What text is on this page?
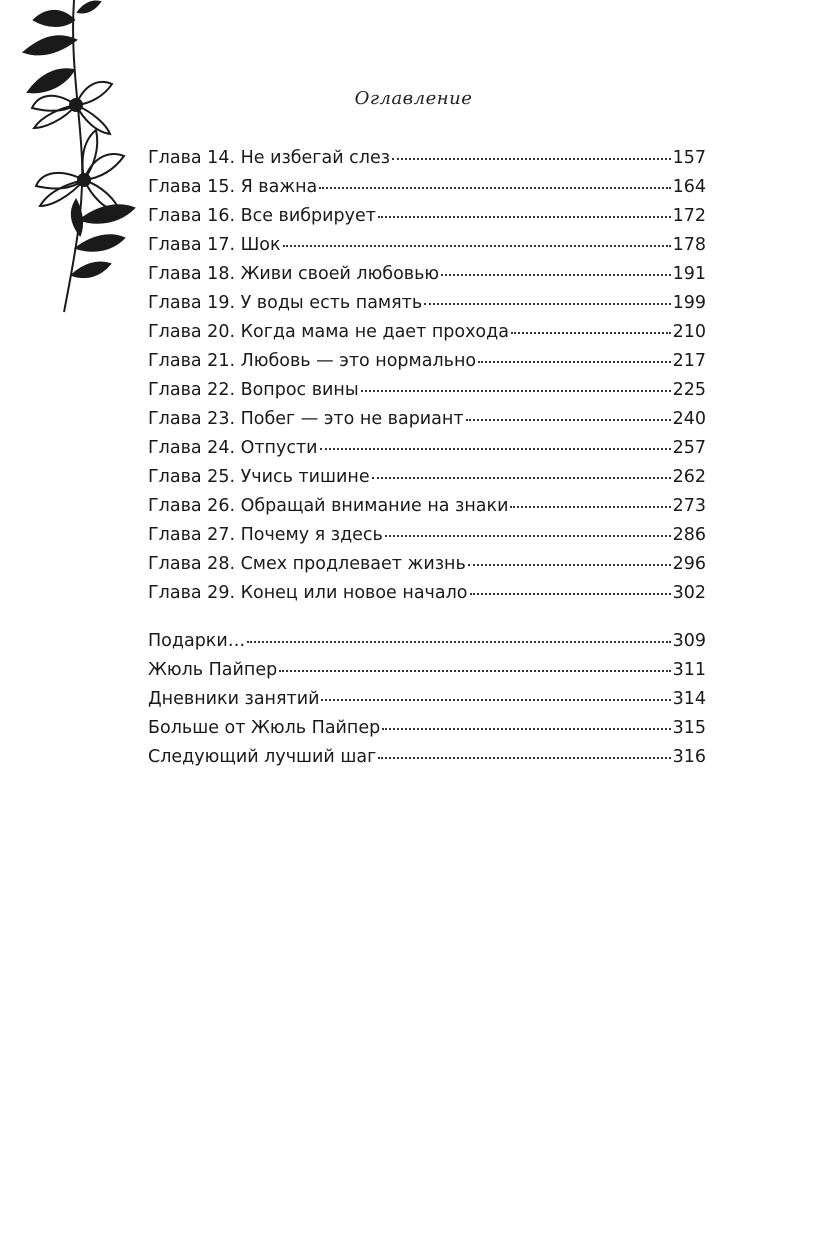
Оглавление
Глава 14. Не избегай слез	157
Глава 15. Я важна	164
Глава 16. Все вибрирует	172
Глава 17. Шок	178
Глава 18. Живи своей любовью	191
Глава 19. У воды есть память	199
Глава 20. Когда мама не дает прохода	210
Глава 21. Любовь — это нормально	217
Глава 22. Вопрос вины	225
Глава 23. Побег — это не вариант	240
Глава 24. Отпусти	257
Глава 25. Учись тишине	262
Глава 26. Обращай внимание на знаки	273
Глава 27. Почему я здесь	286
Глава 28. Смех продлевает жизнь	296
Глава 29. Конец или новое начало	302
Подарки…	309
Жюль Пайпер	311
Дневники занятий	314
Больше от Жюль Пайпер	315
Следующий лучший шаг	316
